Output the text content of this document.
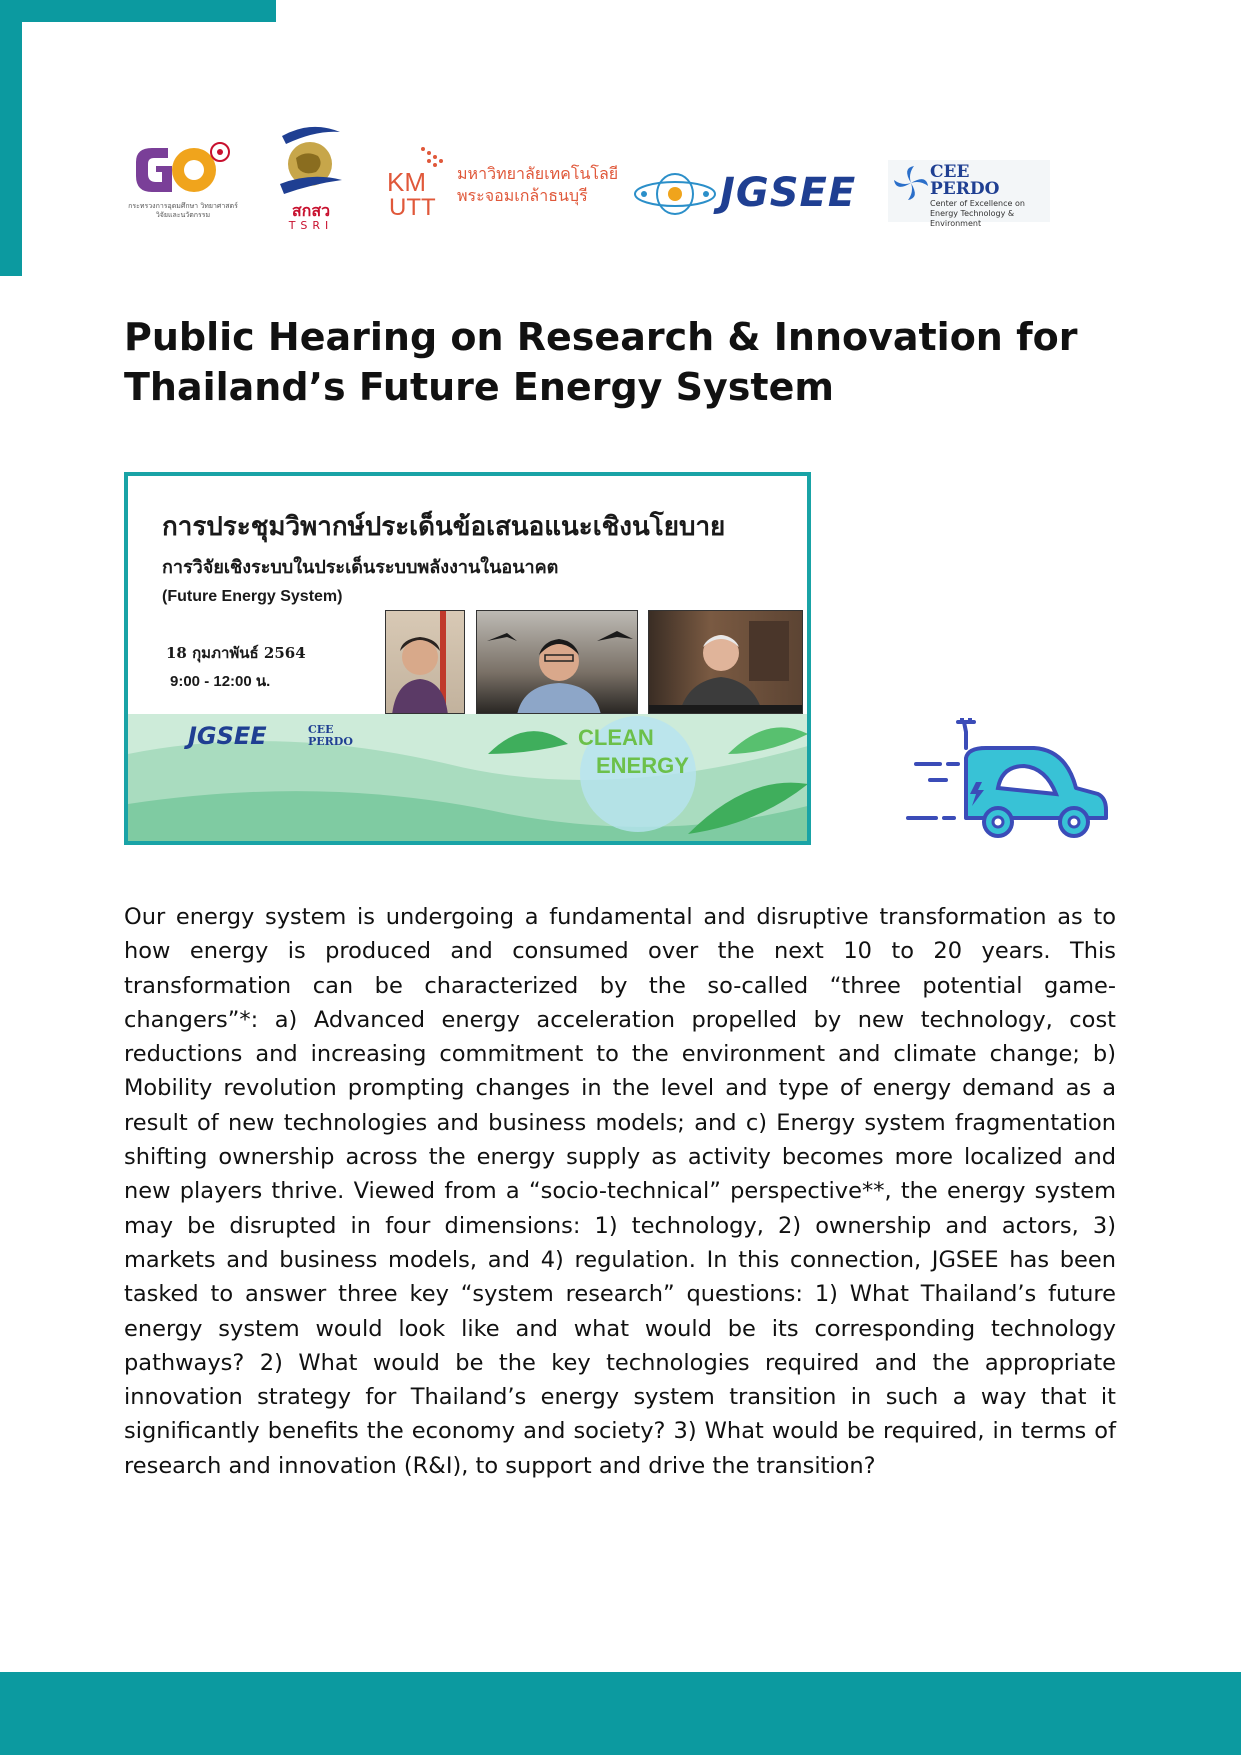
กระทรวงการอุดมศึกษา วิทยาศาสตร์ วิจัยและนวัตกรรม	สกสว
TSRI
KM
UTT
มหาวิทยาลัยเทคโนโลยี
พระจอมเกล้าธนบุรี	JGSEE	CEE
PERDO
Center of Excellence on
Energy Technology & Environment
Public Hearing on Research & Innovation for
Thailand’s Future Energy System
การประชุมวิพากษ์ประเด็นข้อเสนอแนะเชิงนโยบาย
การวิจัยเชิงระบบในประเด็นระบบพลังงานในอนาคต
(Future Energy System)
18 กุมภาพันธ์ 2564
9:00 - 12:00 น.
JGSEE	CEE
PERDO	CLEAN
ENERGY

Our energy system is undergoing a fundamental and disruptive transformation as to how energy is produced and consumed over the next 10 to 20 years. This transformation can be characterized by the so-called “three potential game-changers”*: a) Advanced energy acceleration propelled by new technology, cost reductions and increasing commitment to the environment and climate change; b) Mobility revolution prompting changes in the level and type of energy demand as a result of new technologies and business models; and c) Energy system fragmentation shifting ownership across the energy supply as activity becomes more localized and new players thrive. Viewed from a “socio-technical” perspective**, the energy system may be disrupted in four dimensions: 1) technology, 2) ownership and actors, 3) markets and business models, and 4) regulation. In this connection, JGSEE has been tasked to answer three key “system research” questions: 1) What Thailand’s future energy system would look like and what would be its corresponding technology pathways? 2) What would be the key technologies required and the appropriate innovation strategy for Thailand’s energy system transition in such a way that it significantly benefits the economy and society? 3) What would be required, in terms of research and innovation (R&I), to support and drive the transition?
